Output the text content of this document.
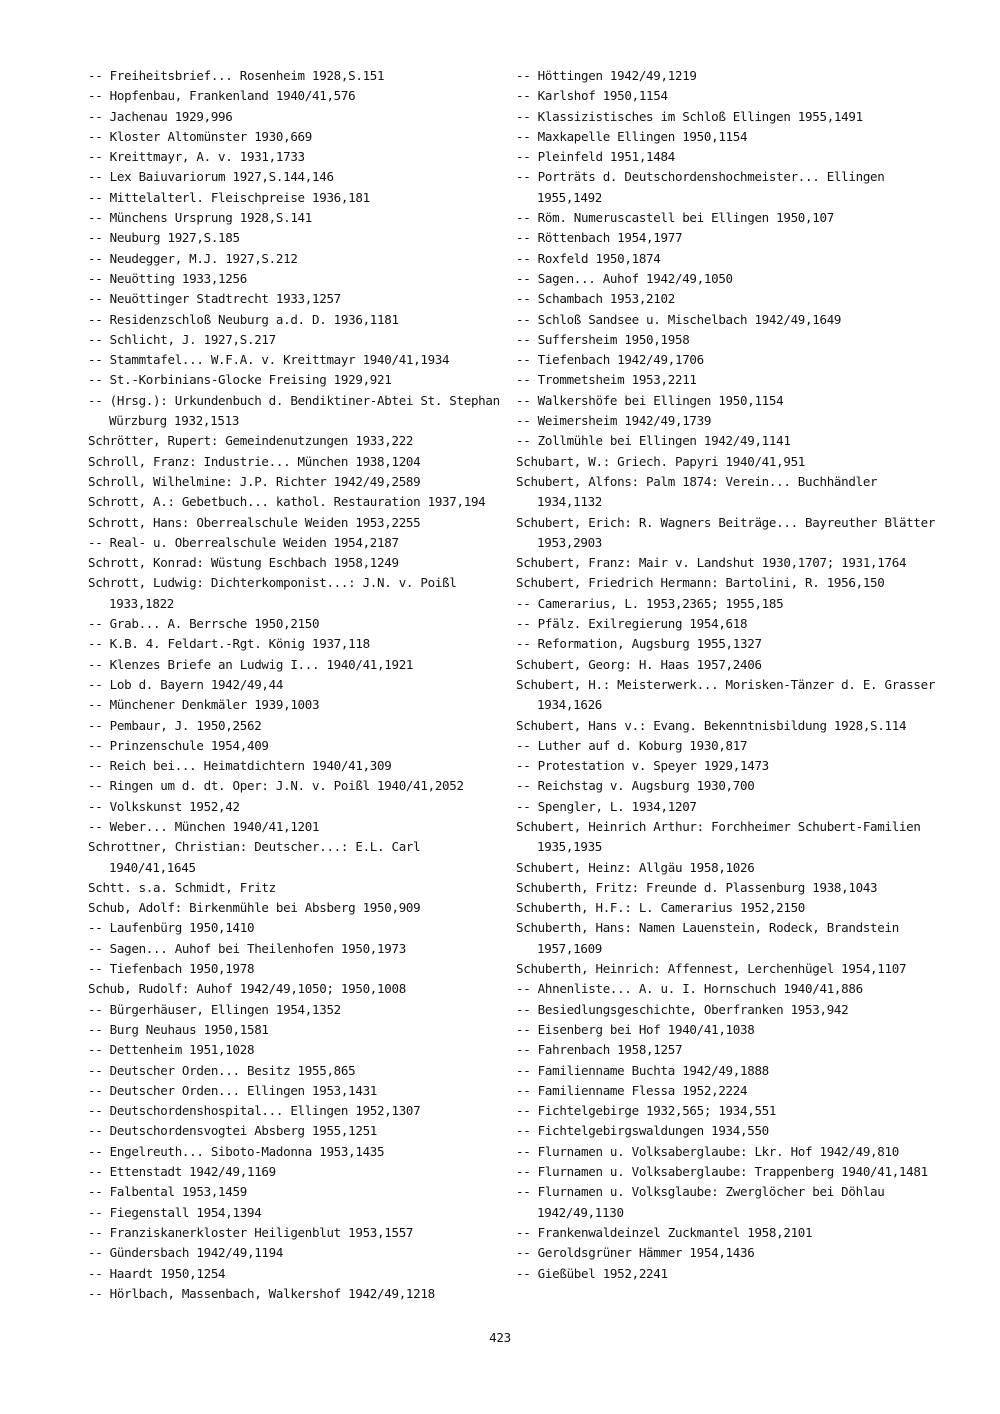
-- Freiheitsbrief... Rosenheim 1928,S.151
-- Hopfenbau, Frankenland 1940/41,576
-- Jachenau 1929,996
-- Kloster Altomünster 1930,669
-- Kreittmayr, A. v. 1931,1733
-- Lex Baiuvariorum 1927,S.144,146
-- Mittelalterl. Fleischpreise 1936,181
-- Münchens Ursprung 1928,S.141
-- Neuburg 1927,S.185
-- Neudegger, M.J. 1927,S.212
-- Neuötting 1933,1256
-- Neuöttinger Stadtrecht 1933,1257
-- Residenzschloß Neuburg a.d. D. 1936,1181
-- Schlicht, J. 1927,S.217
-- Stammtafel... W.F.A. v. Kreittmayr 1940/41,1934
-- St.-Korbinians-Glocke Freising 1929,921
-- (Hrsg.): Urkundenbuch d. Bendiktiner-Abtei St. Stephan Würzburg 1932,1513
Schrötter, Rupert: Gemeindenutzungen 1933,222
Schroll, Franz: Industrie... München 1938,1204
Schroll, Wilhelmine: J.P. Richter 1942/49,2589
Schrott, A.: Gebetbuch... kathol. Restauration 1937,194
Schrott, Hans: Oberrealschule Weiden 1953,2255
-- Real- u. Oberrealschule Weiden 1954,2187
Schrott, Konrad: Wüstung Eschbach 1958,1249
Schrott, Ludwig: Dichterkomponist...: J.N. v. Poißl 1933,1822
-- Grab... A. Berrsche 1950,2150
-- K.B. 4. Feldart.-Rgt. König 1937,118
-- Klenzes Briefe an Ludwig I... 1940/41,1921
-- Lob d. Bayern 1942/49,44
-- Münchener Denkmäler 1939,1003
-- Pembaur, J. 1950,2562
-- Prinzenschule 1954,409
-- Reich bei... Heimatdichtern 1940/41,309
-- Ringen um d. dt. Oper: J.N. v. Poißl 1940/41,2052
-- Volkskunst 1952,42
-- Weber... München 1940/41,1201
Schrottner, Christian: Deutscher...: E.L. Carl 1940/41,1645
Schtt. s.a. Schmidt, Fritz
Schub, Adolf: Birkenmühle bei Absberg 1950,909
-- Laufenbürg 1950,1410
-- Sagen... Auhof bei Theilenhofen 1950,1973
-- Tiefenbach 1950,1978
Schub, Rudolf: Auhof 1942/49,1050; 1950,1008
-- Bürgerhäuser, Ellingen 1954,1352
-- Burg Neuhaus 1950,1581
-- Dettenheim 1951,1028
-- Deutscher Orden... Besitz 1955,865
-- Deutscher Orden... Ellingen 1953,1431
-- Deutschordenshospital... Ellingen 1952,1307
-- Deutschordensvogtei Absberg 1955,1251
-- Engelreuth... Siboto-Madonna 1953,1435
-- Ettenstadt 1942/49,1169
-- Falbental 1953,1459
-- Fiegenstall 1954,1394
-- Franziskanerkloster Heiligenblut 1953,1557
-- Gündersbach 1942/49,1194
-- Haardt 1950,1254
-- Hörlbach, Massenbach, Walkershof 1942/49,1218
-- Höttingen 1942/49,1219
-- Karlshof 1950,1154
-- Klassizistisches im Schloß Ellingen 1955,1491
-- Maxkapelle Ellingen 1950,1154
-- Pleinfeld 1951,1484
-- Porträts d. Deutschordenshochmeister... Ellingen 1955,1492
-- Röm. Numeruscastell bei Ellingen 1950,107
-- Röttenbach 1954,1977
-- Roxfeld 1950,1874
-- Sagen... Auhof 1942/49,1050
-- Schambach 1953,2102
-- Schloß Sandsee u. Mischelbach 1942/49,1649
-- Suffersheim 1950,1958
-- Tiefenbach 1942/49,1706
-- Trommetsheim 1953,2211
-- Walkershöfe bei Ellingen 1950,1154
-- Weimersheim 1942/49,1739
-- Zollmühle bei Ellingen 1942/49,1141
Schubart, W.: Griech. Papyri 1940/41,951
Schubert, Alfons: Palm 1874: Verein... Buchhändler 1934,1132
Schubert, Erich: R. Wagners Beiträge... Bayreuther Blätter 1953,2903
Schubert, Franz: Mair v. Landshut 1930,1707; 1931,1764
Schubert, Friedrich Hermann: Bartolini, R. 1956,150
-- Camerarius, L. 1953,2365; 1955,185
-- Pfälz. Exilregierung 1954,618
-- Reformation, Augsburg 1955,1327
Schubert, Georg: H. Haas 1957,2406
Schubert, H.: Meisterwerk... Morisken-Tänzer d. E. Grasser 1934,1626
Schubert, Hans v.: Evang. Bekenntnisbildung 1928,S.114
-- Luther auf d. Koburg 1930,817
-- Protestation v. Speyer 1929,1473
-- Reichstag v. Augsburg 1930,700
-- Spengler, L. 1934,1207
Schubert, Heinrich Arthur: Forchheimer Schubert-Familien 1935,1935
Schubert, Heinz: Allgäu 1958,1026
Schuberth, Fritz: Freunde d. Plassenburg 1938,1043
Schuberth, H.F.: L. Camerarius 1952,2150
Schuberth, Hans: Namen Lauenstein, Rodeck, Brandstein 1957,1609
Schuberth, Heinrich: Affennest, Lerchenhügel 1954,1107
-- Ahnenliste... A. u. I. Hornschuch 1940/41,886
-- Besiedlungsgeschichte, Oberfranken 1953,942
-- Eisenberg bei Hof 1940/41,1038
-- Fahrenbach 1958,1257
-- Familienname Buchta 1942/49,1888
-- Familienname Flessa 1952,2224
-- Fichtelgebirge 1932,565; 1934,551
-- Fichtelgebirgswaldungen 1934,550
-- Flurnamen u. Volksaberglaube: Lkr. Hof 1942/49,810
-- Flurnamen u. Volksaberglaube: Trappenberg 1940/41,1481
-- Flurnamen u. Volksglaube: Zwerglöcher bei Döhlau 1942/49,1130
-- Frankenwaldeinzel Zuckmantel 1958,2101
-- Geroldsgrüner Hämmer 1954,1436
-- Gießübel 1952,2241
423
